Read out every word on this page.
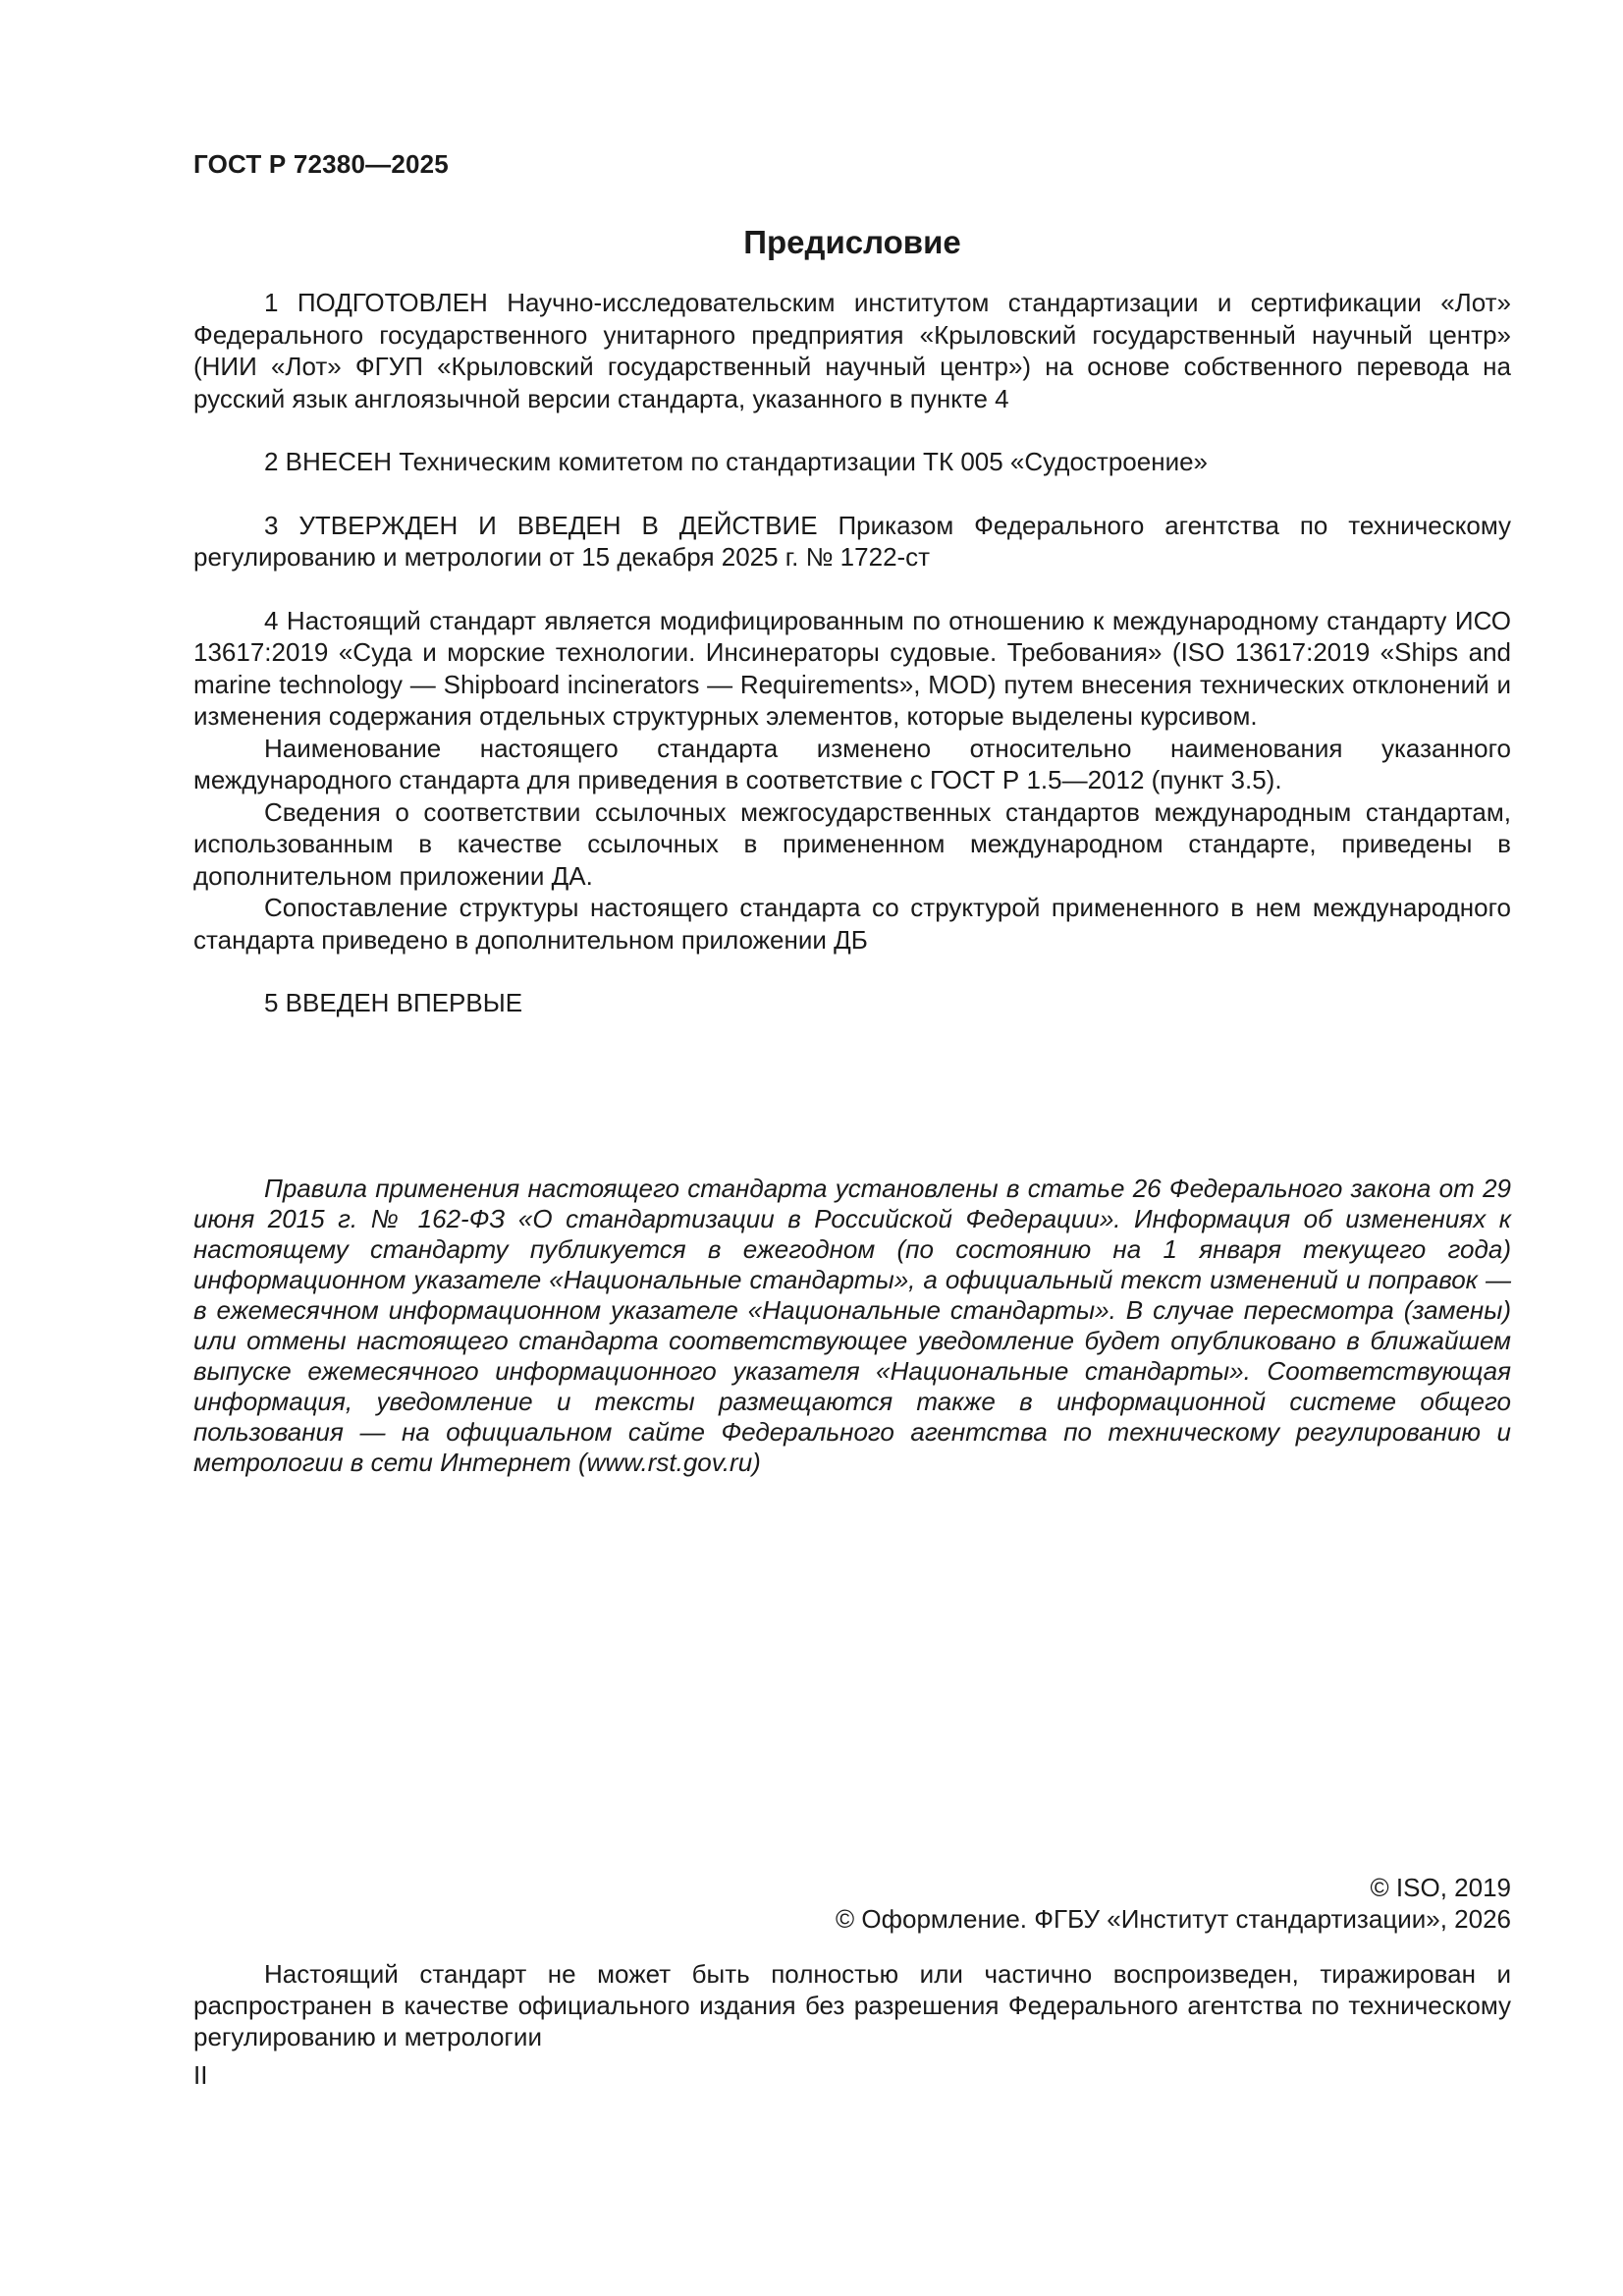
ГОСТ Р 72380—2025
Предисловие

1 ПОДГОТОВЛЕН Научно-исследовательским институтом стандартизации и сертификации «Лот» Федерального государственного унитарного предприятия «Крыловский государственный научный центр» (НИИ «Лот» ФГУП «Крыловский государственный научный центр») на основе собственного перевода на русский язык англоязычной версии стандарта, указанного в пункте 4

2 ВНЕСЕН Техническим комитетом по стандартизации ТК 005 «Судостроение»

3 УТВЕРЖДЕН И ВВЕДЕН В ДЕЙСТВИЕ Приказом Федерального агентства по техническому регулированию и метрологии от 15 декабря 2025 г. № 1722-ст

4 Настоящий стандарт является модифицированным по отношению к международному стандарту ИСО 13617:2019 «Суда и морские технологии. Инсинераторы судовые. Требования» (ISO 13617:2019 «Ships and marine technology — Shipboard incinerators — Requirements», MOD) путем внесения технических отклонений и изменения содержания отдельных структурных элементов, которые выделены курсивом.

Наименование настоящего стандарта изменено относительно наименования указанного международного стандарта для приведения в соответствие с ГОСТ Р 1.5—2012 (пункт 3.5).

Сведения о соответствии ссылочных межгосударственных стандартов международным стандартам, использованным в качестве ссылочных в примененном международном стандарте, приведены в дополнительном приложении ДА.

Сопоставление структуры настоящего стандарта со структурой примененного в нем международного стандарта приведено в дополнительном приложении ДБ

5 ВВЕДЕН ВПЕРВЫЕ

Правила применения настоящего стандарта установлены в статье 26 Федерального закона от 29 июня 2015 г. № 162-ФЗ «О стандартизации в Российской Федерации». Информация об изменениях к настоящему стандарту публикуется в ежегодном (по состоянию на 1 января текущего года) информационном указателе «Национальные стандарты», а официальный текст изменений и поправок — в ежемесячном информационном указателе «Национальные стандарты». В случае пересмотра (замены) или отмены настоящего стандарта соответствующее уведомление будет опубликовано в ближайшем выпуске ежемесячного информационного указателя «Национальные стандарты». Соответствующая информация, уведомление и тексты размещаются также в информационной системе общего пользования — на официальном сайте Федерального агентства по техническому регулированию и метрологии в сети Интернет (www.rst.gov.ru)
© ISO, 2019
© Оформление. ФГБУ «Институт стандартизации», 2026
Настоящий стандарт не может быть полностью или частично воспроизведен, тиражирован и распространен в качестве официального издания без разрешения Федерального агентства по техническому регулированию и метрологии
II
